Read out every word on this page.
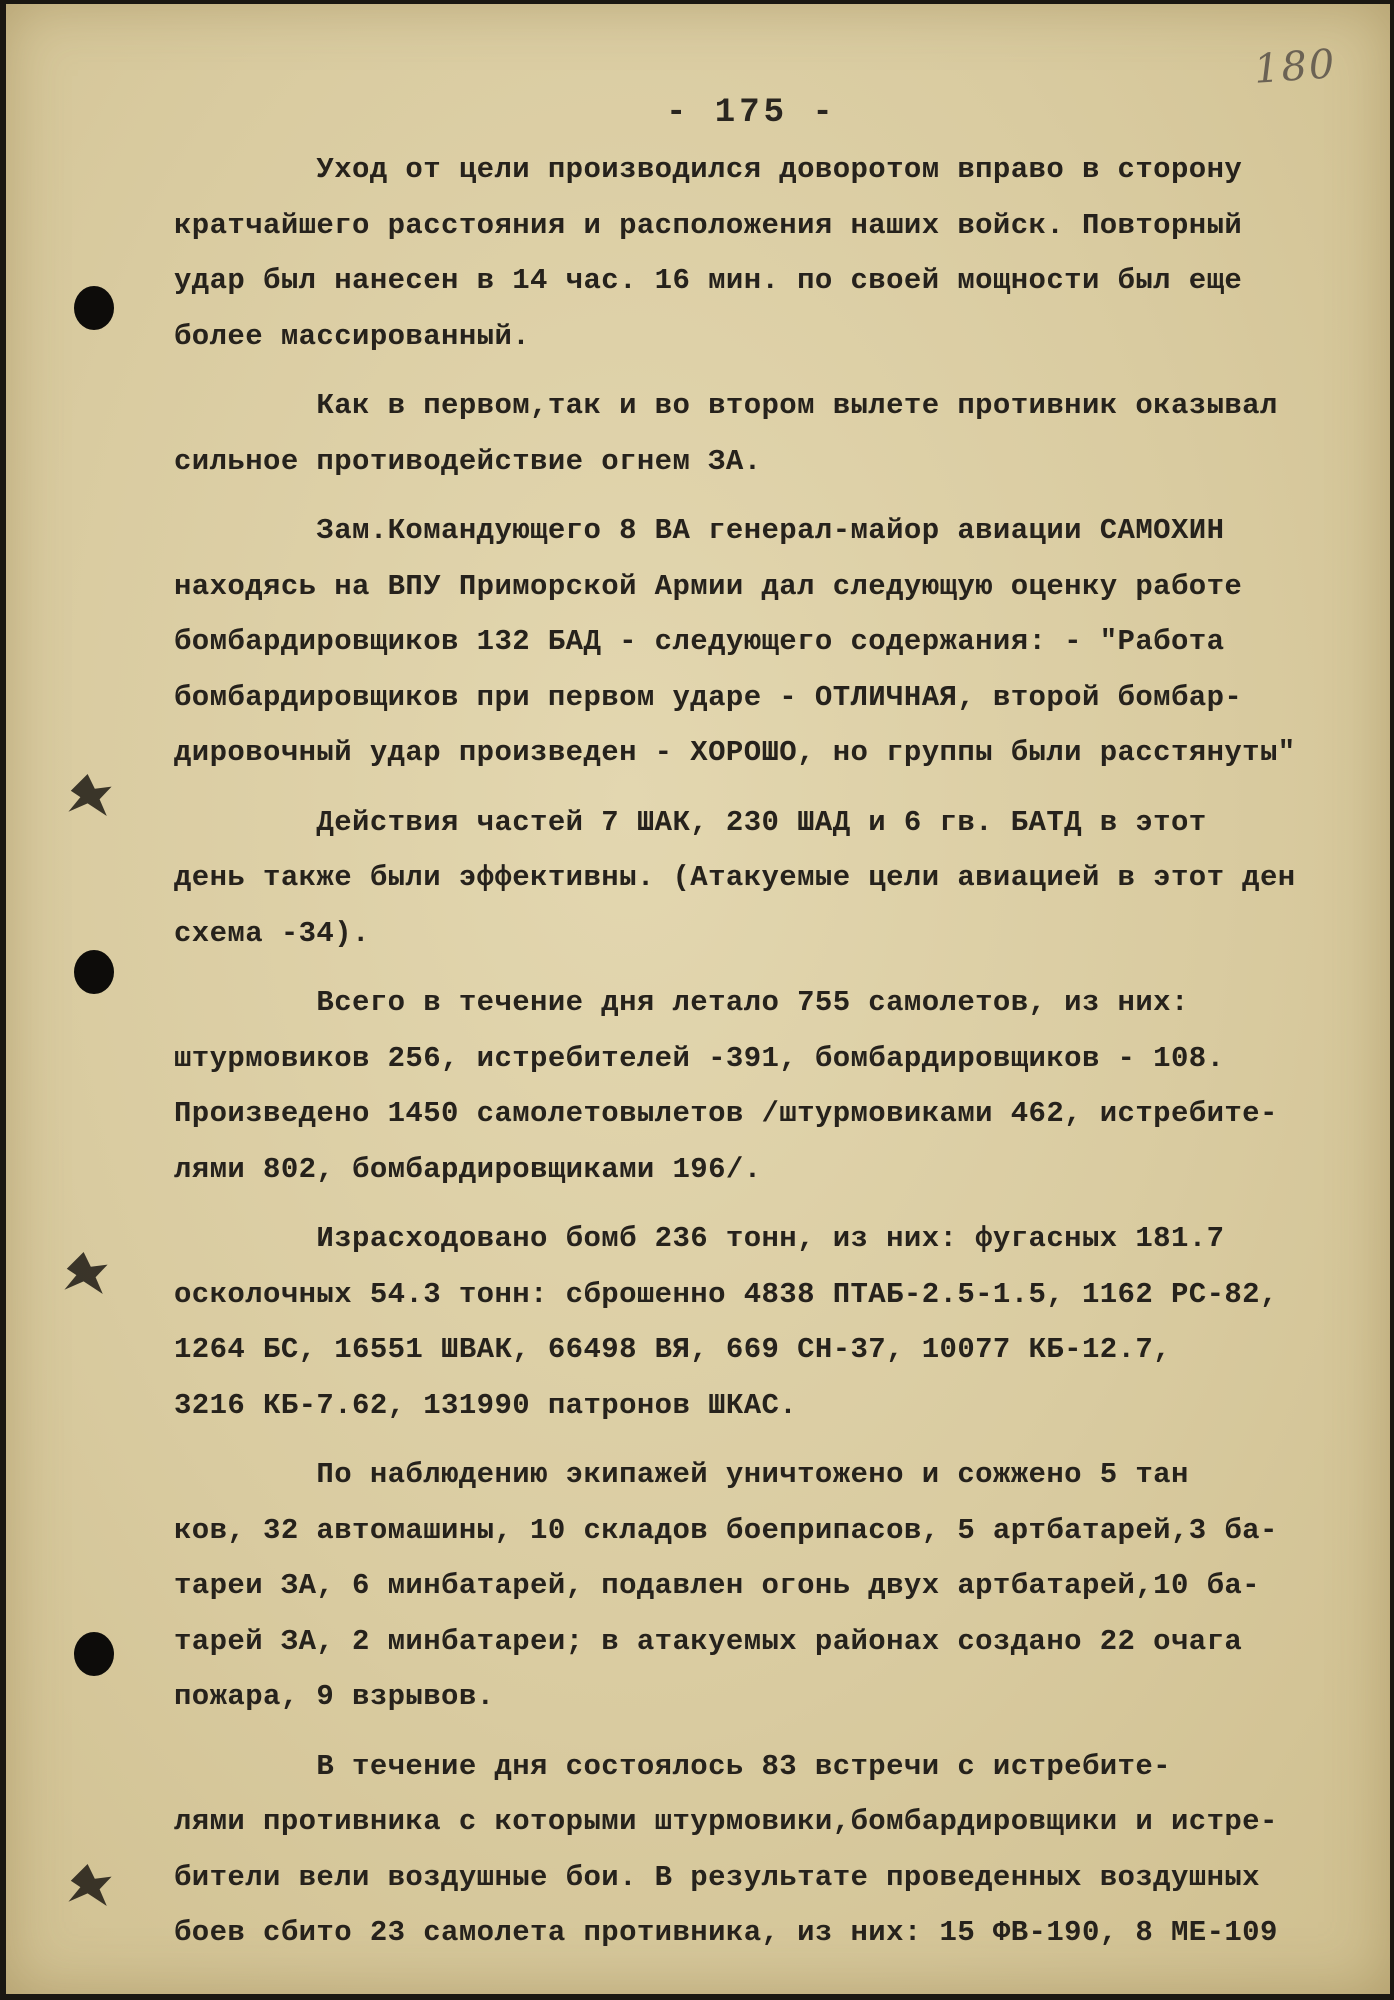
180
- 175 -
Уход от цели производился доворотом вправо в сторону
кратчайшего расстояния и расположения наших войск. Повторный
удар был нанесен в 14 час. 16 мин. по своей мощности был еще
более массированный.
Как в первом,так и во втором вылете противник оказывал
сильное противодействие огнем ЗА.
Зам.Командующего 8 ВА генерал-майор авиации САМОХИН
находясь на ВПУ Приморской Армии дал следующую оценку работе
бомбардировщиков 132 БАД - следующего содержания: - "Работа
бомбардировщиков при первом ударе - ОТЛИЧНАЯ, второй бомбар-
дировочный удар произведен - ХОРОШО, но группы были расстянуты"
Действия частей 7 ШАК, 230 ШАД и 6 гв. БАТД в этот
день также были эффективны. (Атакуемые цели авиацией в этот ден
схема -34).
Всего в течение дня летало 755 самолетов, из них:
штурмовиков 256, истребителей -391, бомбардировщиков - 108.
Произведено 1450 самолетовылетов /штурмовиками 462, истребите-
лями 802, бомбардировщиками 196/.
Израсходовано бомб 236 тонн, из них: фугасных 181.7
осколочных 54.3 тонн: сброшенно 4838 ПТАБ-2.5-1.5, 1162 РС-82,
1264 БС, 16551 ШВАК, 66498 ВЯ, 669 СН-37, 10077 КБ-12.7,
3216 КБ-7.62, 131990 патронов ШКАС.
По наблюдению экипажей уничтожено и сожжено 5 тан
ков, 32 автомашины, 10 складов боеприпасов, 5 артбатарей,3 ба-
тареи ЗА, 6 минбатарей, подавлен огонь двух артбатарей,10 ба-
тарей ЗА, 2 минбатареи; в атакуемых районах создано 22 очага
пожара, 9 взрывов.
В течение дня состоялось 83 встречи с истребите-
лями противника с которыми штурмовики,бомбардировщики и истре-
бители вели воздушные бои. В результате проведенных воздушных
боев сбито 23 самолета противника, из них: 15 ФВ-190, 8 МЕ-109
